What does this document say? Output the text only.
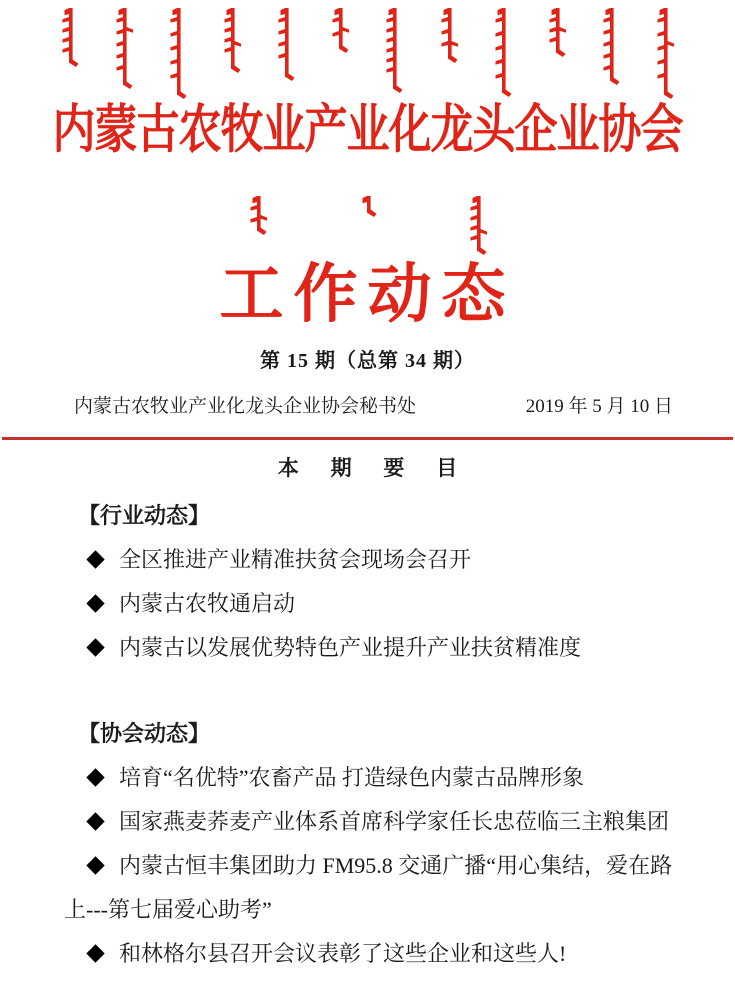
内蒙古农牧业产业化龙头企业协会
工作动态
第 15 期（总第 34 期）
内蒙古农牧业产业化龙头企业协会秘书处	2019 年 5 月 10 日
本 期 要 目
【行业动态】
全区推进产业精准扶贫会现场会召开
内蒙古农牧通启动
内蒙古以发展优势特色产业提升产业扶贫精准度
【协会动态】
培育“名优特”农畜产品 打造绿色内蒙古品牌形象
国家燕麦荞麦产业体系首席科学家任长忠莅临三主粮集团
内蒙古恒丰集团助力 FM95.8 交通广播“用心集结，爱在路上---第七届爱心助考”
和林格尔县召开会议表彰了这些企业和这些人!
